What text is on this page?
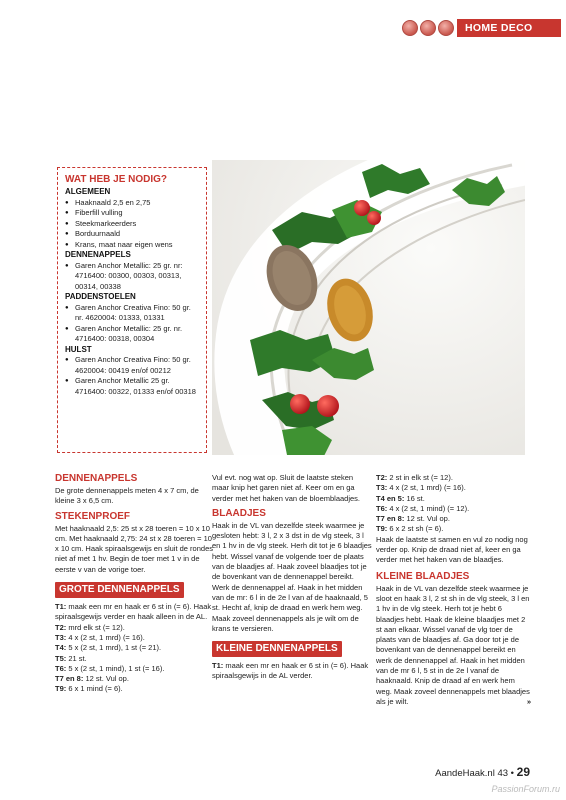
HOME DECO
WAT HEB JE NODIG?
ALGEMEEN
● Haaknaald 2,5 en 2,75
● Fiberfill vulling
● Steekmarkeerders
● Borduurnaald
● Krans, maat naar eigen wens
DENNENAPPELS
● Garen Anchor Metallic: 25 gr. nr: 4716400: 00300, 00303, 00313, 00314, 00338
PADDENSTOELEN
● Garen Anchor Creativa Fino: 50 gr. nr. 4620004: 01333, 01331
● Garen Anchor Metallic: 25 gr. nr. 4716400: 00318, 00304
HULST
● Garen Anchor Creativa Fino: 50 gr. 4620004: 00419 en/of 00212
● Garen Anchor Metallic 25 gr. 4716400: 00322, 01333 en/of 00318
DENNENAPPELS
De grote dennenappels meten 4 x 7 cm, de kleine 3 x 6,5 cm.
STEKENPROEF
Met haaknaald 2,5: 25 st x 28 toeren = 10 x 10 cm. Met haaknaald 2,75: 24 st x 28 toeren = 10 x 10 cm. Haak spiraalsgewijs en sluit de rondes niet af met 1 hv. Begin de toer met 1 v in de eerste v van de vorige toer.
GROTE DENNENAPPELS
T1: maak een mr en haak er 6 st in (= 6). Haak spiraalsgewijs verder en haak alleen in de AL.
T2: mrd elk st (= 12).
T3: 4 x (2 st, 1 mrd) (= 16).
T4: 5 x (2 st, 1 mrd), 1 st (= 21).
T5: 21 st.
T6: 5 x (2 st, 1 mind), 1 st (= 16).
T7 en 8: 12 st. Vul op.
T9: 6 x 1 mind (= 6).
Vul evt. nog wat op. Sluit de laatste steken maar knip het garen niet af. Keer om en ga verder met het haken van de bloemblaadjes.
BLAADJES
Haak in de VL van dezelfde steek waarmee je gesloten hebt: 3 l, 2 x 3 dst in de vlg steek, 3 l en 1 hv in de vlg steek. Herh dit tot je 6 blaadjes hebt. Wissel vanaf de volgende toer de plaats van de blaadjes af. Haak zoveel blaadjes tot je de bovenkant van de dennenappel bereikt. Werk de dennenappel af. Haak in het midden van de mr: 6 l in de 2e l van af de haaknaald, 5 st. Hecht af, knip de draad en werk hem weg. Maak zoveel dennenappels als je wilt om de krans te versieren.
KLEINE DENNENAPPELS
T1: maak een mr en haak er 6 st in (= 6). Haak spiraalsgewijs in de AL verder.
T2: 2 st in elk st (= 12).
T3: 4 x (2 st, 1 mrd) (= 16).
T4 en 5: 16 st.
T6: 4 x (2 st, 1 mind) (= 12).
T7 en 8: 12 st. Vul op.
T9: 6 x 2 st sh (= 6).
Haak de laatste st samen en vul zo nodig nog verder op. Knip de draad niet af, keer en ga verder met het haken van de blaadjes.
KLEINE BLAADJES
Haak in de VL van dezelfde steek waarmee je sloot en haak 3 l, 2 st sh in de vlg steek, 3 l en 1 hv in de vlg steek. Herh tot je hebt 6 blaadjes hebt. Haak de kleine blaadjes met 2 st aan elkaar. Wissel vanaf de vlg toer de plaats van de blaadjes af. Ga door tot je de bovenkant van de dennenappel bereikt en werk de dennenappel af. Haak in het midden van de mr 6 l, 5 st in de 2e l vanaf de haaknaald. Knip de draad af en werk hem weg. Maak zoveel dennenappels met blaadjes als je wilt.	»
AandeHaak.nl 43 • 29
PassionForum.ru
